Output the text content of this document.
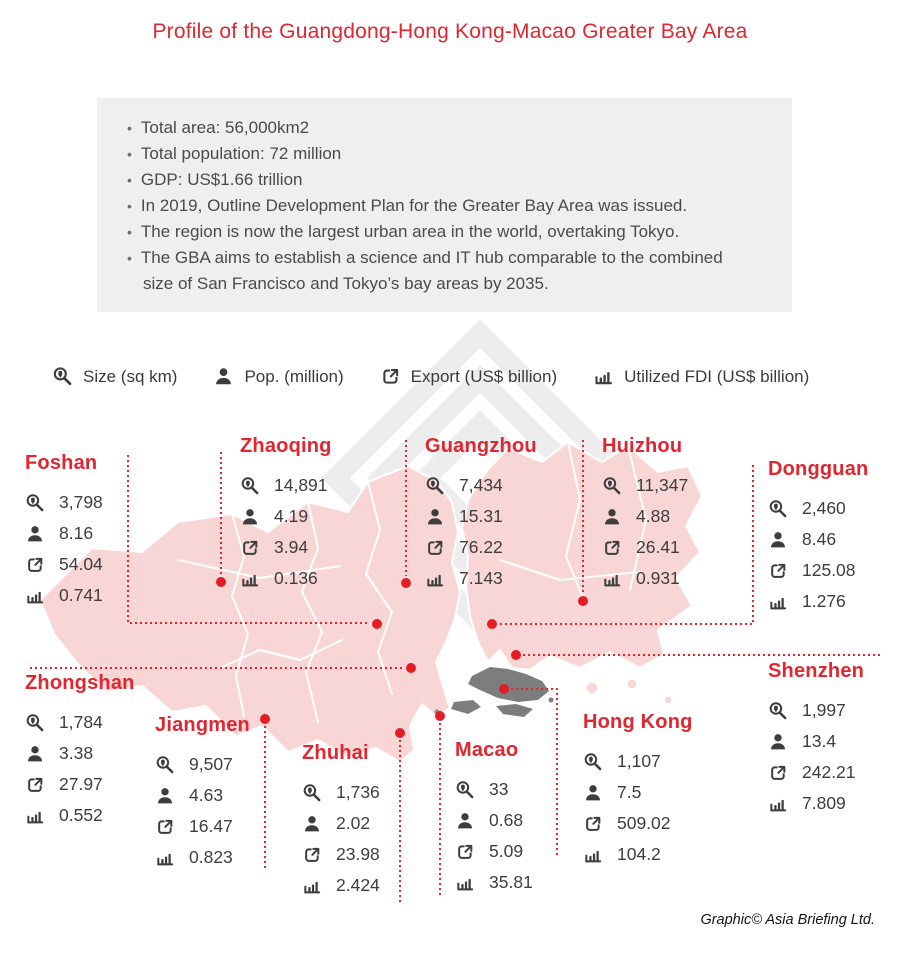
Profile of the Guangdong-Hong Kong-Macao Greater Bay Area
• Total area: 56,000km2
• Total population: 72 million
• GDP: US$1.66 trillion
• In 2019, Outline Development Plan for the Greater Bay Area was issued.
• The region is now the largest urban area in the world, overtaking Tokyo.
• The GBA aims to establish a science and IT hub comparable to the combined size of San Francisco and Tokyo’s bay areas by 2035.
Size (sq km)	Pop. (million)	Export (US$ billion)	Utilized FDI (US$ billion)
Foshan
3,798
8.16
54.04
0.741
Zhaoqing
14,891
4.19
3.94
0.136
Guangzhou
7,434
15.31
76.22
7.143
Huizhou
11,347
4.88
26.41
0.931
Dongguan
2,460
8.46
125.08
1.276
Zhongshan
1,784
3.38
27.97
0.552
Jiangmen
9,507
4.63
16.47
0.823
Zhuhai
1,736
2.02
23.98
2.424
Macao
33
0.68
5.09
35.81
Hong Kong
1,107
7.5
509.02
104.2
Shenzhen
1,997
13.4
242.21
7.809
Graphic© Asia Briefing Ltd.
